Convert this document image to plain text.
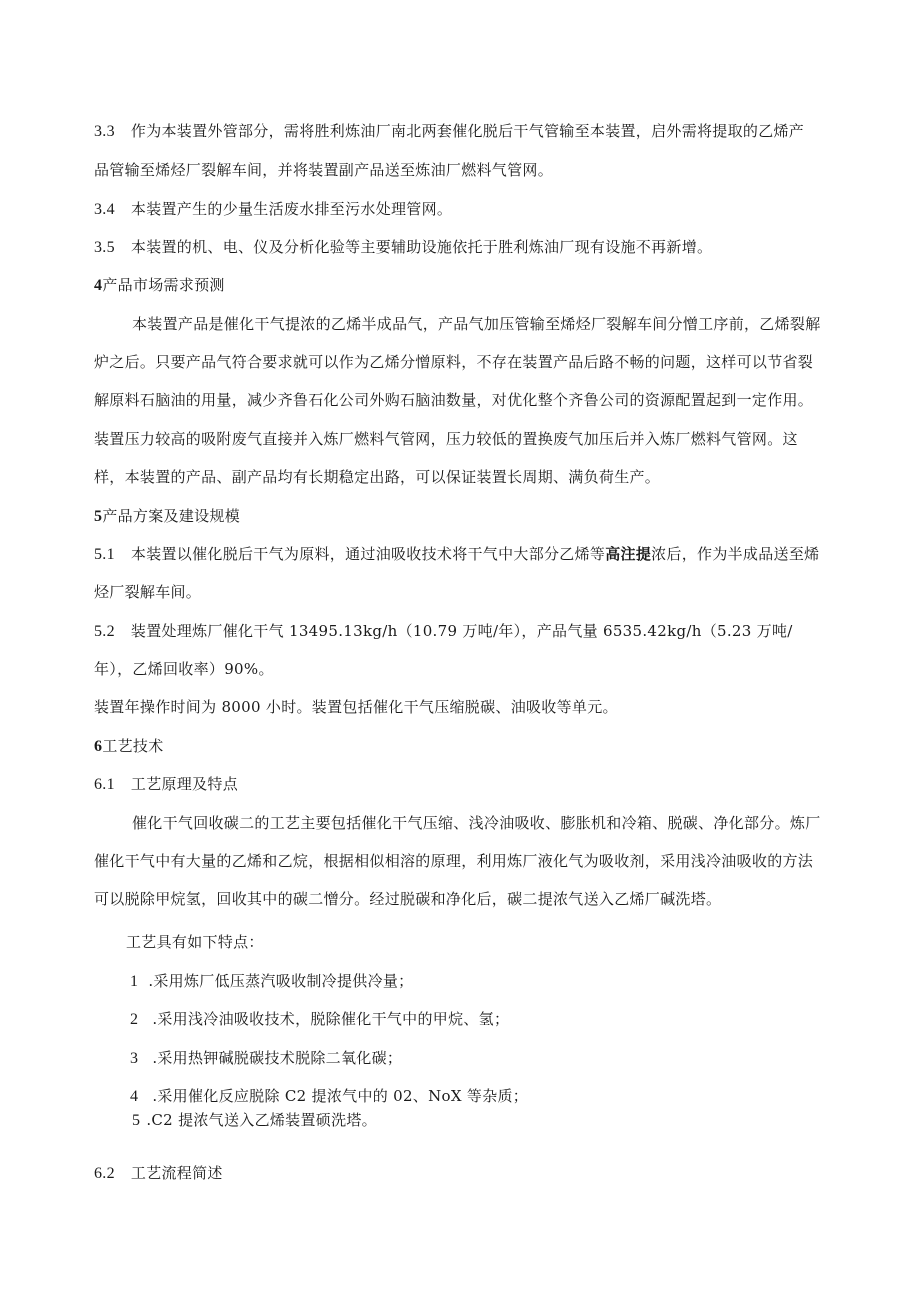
3.3 作为本装置外管部分，需将胜利炼油厂南北两套催化脱后干气管输至本装置，启外需将提取的乙烯产
品管输至烯烃厂裂解车间，并将装置副产品送至炼油厂燃料气管网。
3.4 本装置产生的少量生活废水排至污水处理管网。
3.5 本装置的机、电、仪及分析化验等主要辅助设施依托于胜利炼油厂现有设施不再新增。
4产品市场需求预测
本装置产品是催化干气提浓的乙烯半成品气，产品气加压管输至烯烃厂裂解车间分憎工序前，乙烯裂解
炉之后。只要产品气符合要求就可以作为乙烯分憎原料，不存在装置产品后路不畅的问题，这样可以节省裂
解原料石脑油的用量，减少齐鲁石化公司外购石脑油数量，对优化整个齐鲁公司的资源配置起到一定作用。
装置压力较高的吸附废气直接并入炼厂燃料气管网，压力较低的置换废气加压后并入炼厂燃料气管网。这
样，本装置的产品、副产品均有长期稳定出路，可以保证装置长周期、满负荷生产。
5产品方案及建设规模
5.1 本装置以催化脱后干气为原料，通过油吸收技术将干气中大部分乙烯等高注提浓后，作为半成品送至烯
烃厂裂解车间。
5.2 装置处理炼厂催化干气 13495.13kg/h（10.79 万吨/年），产品气量 6535.42kg/h（5.23 万吨/
年），乙烯回收率）90%。
装置年操作时间为 8000 小时。装置包括催化干气压缩脱碳、油吸收等单元。
6工艺技术
6.1 工艺原理及特点
催化干气回收碳二的工艺主要包括催化干气压缩、浅冷油吸收、膨胀机和冷箱、脱碳、净化部分。炼厂
催化干气中有大量的乙烯和乙烷，根据相似相溶的原理，利用炼厂液化气为吸收剂，采用浅冷油吸收的方法
可以脱除甲烷氢，回收其中的碳二憎分。经过脱碳和净化后，碳二提浓气送入乙烯厂碱洗塔。
工艺具有如下特点：
1 .采用炼厂低压蒸汽吸收制冷提供冷量；
2 .采用浅冷油吸收技术，脱除催化干气中的甲烷、氢；
3 .采用热钾碱脱碳技术脱除二氧化碳；
4 .采用催化反应脱除 C2 提浓气中的 02、NoX 等杂质；
5 .C2 提浓气送入乙烯装置硕洗塔。
6.2 工艺流程简述
